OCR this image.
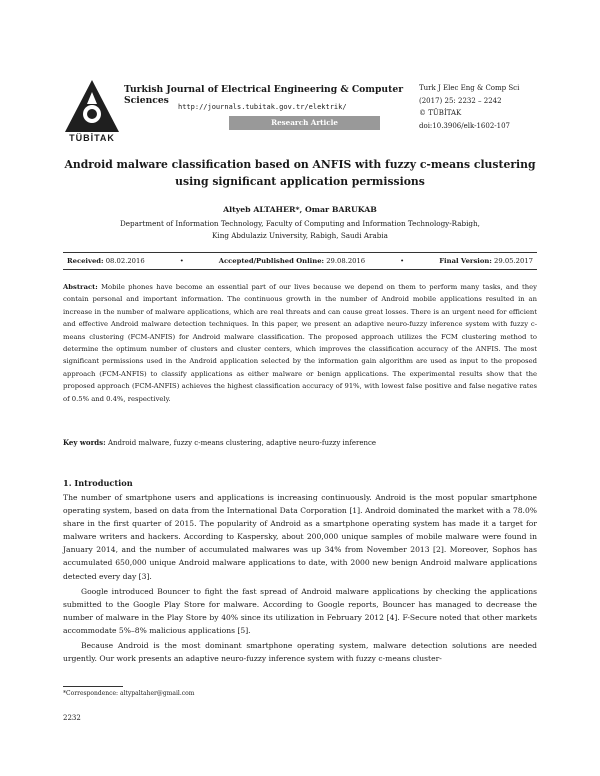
TÜBİTAK
Turkish Journal of Electrical Engineering & Computer Sciences
http://journals.tubitak.gov.tr/elektrik/
Research Article
Turk J Elec Eng & Comp Sci
(2017) 25: 2232 – 2242
© TÜBİTAK
doi:10.3906/elk-1602-107
Android malware classification based on ANFIS with fuzzy c-means clustering
using significant application permissions
Altyeb ALTAHER*, Omar BARUKAB
Department of Information Technology, Faculty of Computing and Information Technology-Rabigh,
King Abdulaziz University, Rabigh, Saudi Arabia
Received: 08.02.2016	•	Accepted/Published Online: 29.08.2016	•	Final Version: 29.05.2017
Abstract: Mobile phones have become an essential part of our lives because we depend on them to perform many tasks, and they contain personal and important information. The continuous growth in the number of Android mobile applications resulted in an increase in the number of malware applications, which are real threats and can cause great losses. There is an urgent need for efficient and effective Android malware detection techniques. In this paper, we present an adaptive neuro-fuzzy inference system with fuzzy c-means clustering (FCM-ANFIS) for Android malware classification. The proposed approach utilizes the FCM clustering method to determine the optimum number of clusters and cluster centers, which improves the classification accuracy of the ANFIS. The most significant permissions used in the Android application selected by the information gain algorithm are used as input to the proposed approach (FCM-ANFIS) to classify applications as either malware or benign applications. The experimental results show that the proposed approach (FCM-ANFIS) achieves the highest classification accuracy of 91%, with lowest false positive and false negative rates of 0.5% and 0.4%, respectively.
Key words: Android malware, fuzzy c-means clustering, adaptive neuro-fuzzy inference
1. Introduction

The number of smartphone users and applications is increasing continuously. Android is the most popular smartphone operating system, based on data from the International Data Corporation [1]. Android dominated the market with a 78.0% share in the first quarter of 2015. The popularity of Android as a smartphone operating system has made it a target for malware writers and hackers. According to Kaspersky, about 200,000 unique samples of mobile malware were found in January 2014, and the number of accumulated malwares was up 34% from November 2013 [2]. Moreover, Sophos has accumulated 650,000 unique Android malware applications to date, with 2000 new benign Android malware applications detected every day [3].

Google introduced Bouncer to fight the fast spread of Android malware applications by checking the applications submitted to the Google Play Store for malware. According to Google reports, Bouncer has managed to decrease the number of malware in the Play Store by 40% since its utilization in February 2012 [4]. F-Secure noted that other markets accommodate 5%–8% malicious applications [5].

Because Android is the most dominant smartphone operating system, malware detection solutions are needed urgently. Our work presents an adaptive neuro-fuzzy inference system with fuzzy c-means cluster-

*Correspondence: altypaltaher@gmail.com
2232
